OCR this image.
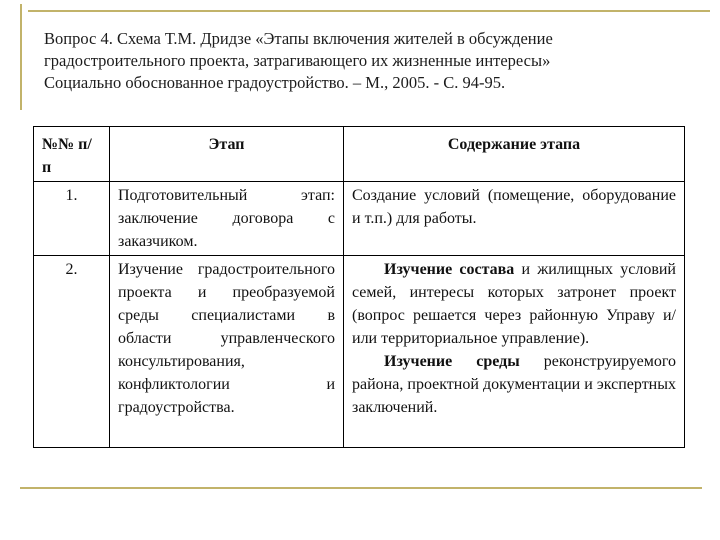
Вопрос 4. Схема Т.М. Дридзе «Этапы включения жителей в обсуждение
градостроительного проекта, затрагивающего их жизненные интересы»
Социально обоснованное градоустройство. – М., 2005. - С. 94-95.
№№ п/п	Этап	Содержание этапа
1.	Подготовительный этап: заключение договора с заказчиком.	Создание условий (помещение, оборудование и т.п.) для работы.
2.	Изучение градостроительного проекта и преобразуемой среды специалистами в области управленческого консультирования, конфликтологии и градоустройства.	Изучение состава и жилищных условий семей, интересы которых затронет проект (вопрос решается через районную Управу и/или территориальное управление).

Изучение среды реконструируемого района, проектной документации и экспертных заключений.
